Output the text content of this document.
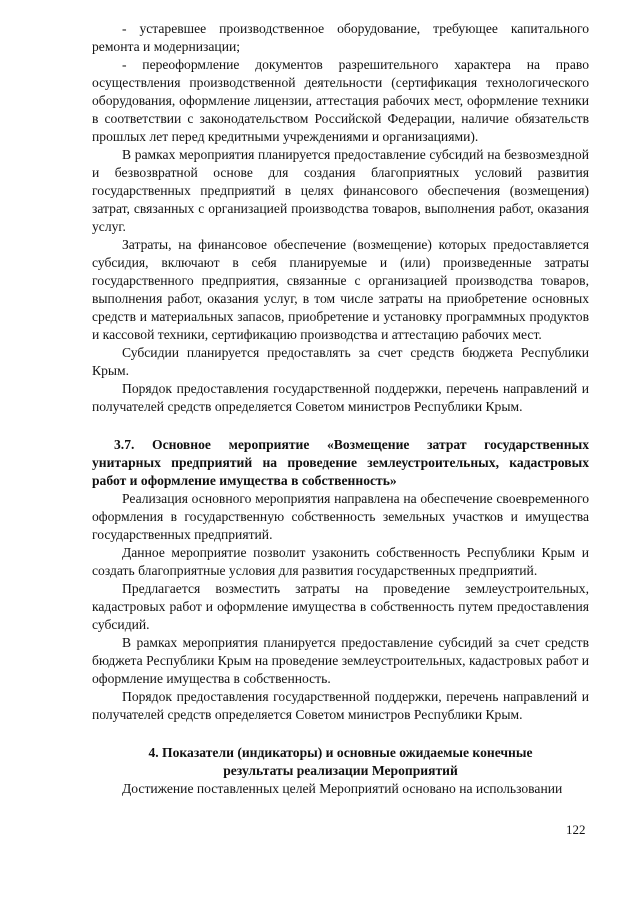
- устаревшее производственное оборудование, требующее капитального ремонта и модернизации;

- переоформление документов разрешительного характера на право осуществления производственной деятельности (сертификация технологического оборудования, оформление лицензии, аттестация рабочих мест, оформление техники в соответствии с законодательством Российской Федерации, наличие обязательств прошлых лет перед кредитными учреждениями и организациями).

В рамках мероприятия планируется предоставление субсидий на безвозмездной и безвозвратной основе для создания благоприятных условий развития государственных предприятий в целях финансового обеспечения (возмещения) затрат, связанных с организацией производства товаров, выполнения работ, оказания услуг.

Затраты, на финансовое обеспечение (возмещение) которых предоставляется субсидия, включают в себя планируемые и (или) произведенные затраты государственного предприятия, связанные с организацией производства товаров, выполнения работ, оказания услуг, в том числе затраты на приобретение основных средств и материальных запасов, приобретение и установку программных продуктов и кассовой техники, сертификацию производства и аттестацию рабочих мест.

Субсидии планируется предоставлять за счет средств бюджета Республики Крым.

Порядок предоставления государственной поддержки, перечень направлений и получателей средств определяется Советом министров Республики Крым.

3.7. Основное мероприятие «Возмещение затрат государственных унитарных предприятий на проведение землеустроительных, кадастровых работ и оформление имущества в собственность»

Реализация основного мероприятия направлена на обеспечение своевременного оформления в государственную собственность земельных участков и имущества государственных предприятий.

Данное мероприятие позволит узаконить собственность Республики Крым и создать благоприятные условия для развития государственных предприятий.

Предлагается возместить затраты на проведение землеустроительных, кадастровых работ и оформление имущества в собственность путем предоставления субсидий.

В рамках мероприятия планируется предоставление субсидий за счет средств бюджета Республики Крым на проведение землеустроительных, кадастровых работ и оформление имущества в собственность.

Порядок предоставления государственной поддержки, перечень направлений и получателей средств определяется Советом министров Республики Крым.

4. Показатели (индикаторы) и основные ожидаемые конечные
результаты реализации Мероприятий

Достижение поставленных целей Мероприятий основано на использовании

122
